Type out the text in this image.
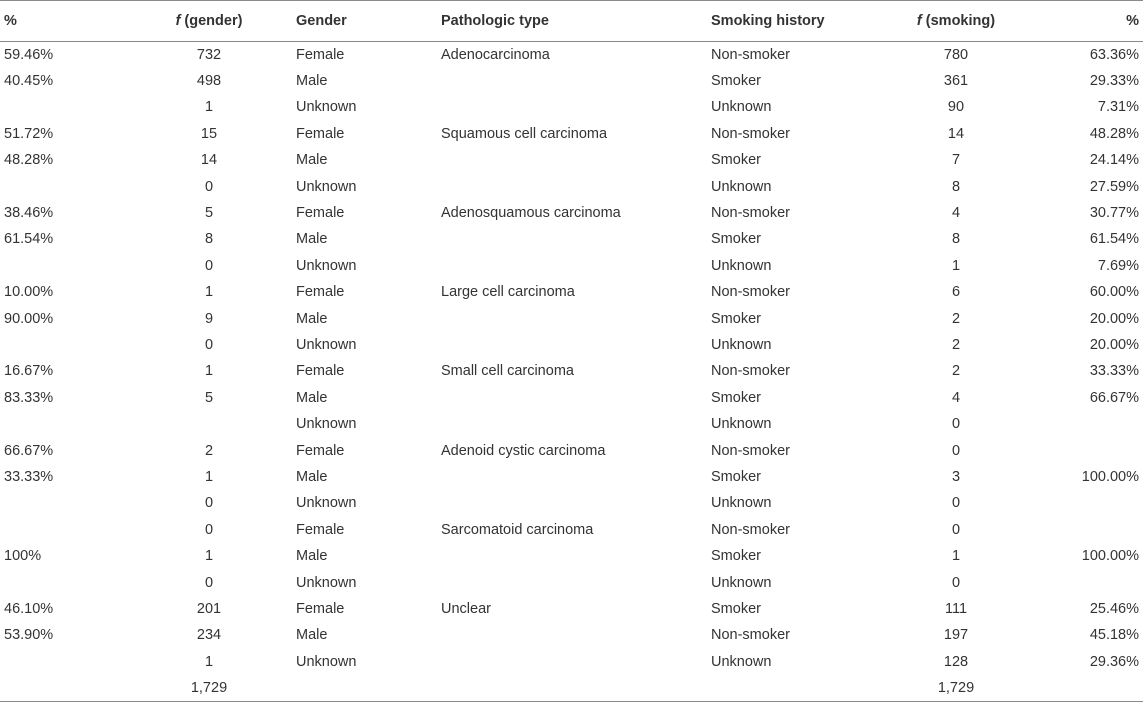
%	f (gender)	Gender	Pathologic type	Smoking history	f (smoking)	%
59.46%	732	Female	Adenocarcinoma	Non-smoker	780	63.36%
40.45%	498	Male		Smoker	361	29.33%
	1	Unknown		Unknown	90	7.31%
51.72%	15	Female	Squamous cell carcinoma	Non-smoker	14	48.28%
48.28%	14	Male		Smoker	7	24.14%
	0	Unknown		Unknown	8	27.59%
38.46%	5	Female	Adenosquamous carcinoma	Non-smoker	4	30.77%
61.54%	8	Male		Smoker	8	61.54%
	0	Unknown		Unknown	1	7.69%
10.00%	1	Female	Large cell carcinoma	Non-smoker	6	60.00%
90.00%	9	Male		Smoker	2	20.00%
	0	Unknown		Unknown	2	20.00%
16.67%	1	Female	Small cell carcinoma	Non-smoker	2	33.33%
83.33%	5	Male		Smoker	4	66.67%
		Unknown		Unknown	0	
66.67%	2	Female	Adenoid cystic carcinoma	Non-smoker	0	
33.33%	1	Male		Smoker	3	100.00%
	0	Unknown		Unknown	0	
	0	Female	Sarcomatoid carcinoma	Non-smoker	0	
100%	1	Male		Smoker	1	100.00%
	0	Unknown		Unknown	0	
46.10%	201	Female	Unclear	Smoker	111	25.46%
53.90%	234	Male		Non-smoker	197	45.18%
	1	Unknown		Unknown	128	29.36%
	1,729				1,729	
